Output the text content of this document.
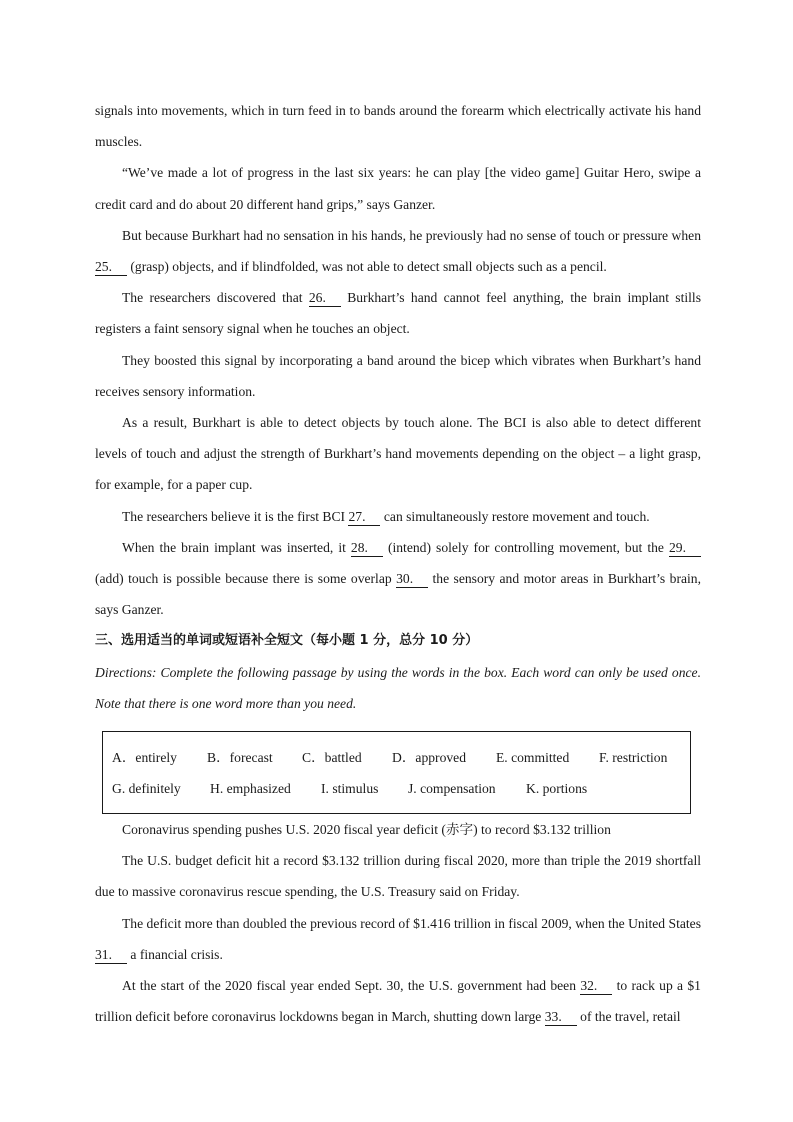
signals into movements, which in turn feed in to bands around the forearm which electrically activate his hand muscles.

“We’ve made a lot of progress in the last six years: he can play [the video game] Guitar Hero, swipe a credit card and do about 20 different hand grips,” says Ganzer.

But because Burkhart had no sensation in his hands, he previously had no sense of touch or pressure when 25. (grasp) objects, and if blindfolded, was not able to detect small objects such as a pencil.

The researchers discovered that 26. Burkhart’s hand cannot feel anything, the brain implant stills registers a faint sensory signal when he touches an object.

They boosted this signal by incorporating a band around the bicep which vibrates when Burkhart’s hand receives sensory information.

As a result, Burkhart is able to detect objects by touch alone. The BCI is also able to detect different levels of touch and adjust the strength of Burkhart’s hand movements depending on the object – a light grasp, for example, for a paper cup.

The researchers believe it is the first BCI 27. can simultaneously restore movement and touch.

When the brain implant was inserted, it 28. (intend) solely for controlling movement, but the 29. (add) touch is possible because there is some overlap 30. the sensory and motor areas in Burkhart’s brain, says Ganzer.

三、选用适当的单词或短语补全短文（每小题 1 分，总分 10 分）

Directions: Complete the following passage by using the words in the box. Each word can only be used once. Note that there is one word more than you need.

A．entirely B．forecast C．battled D．approved E. committed F. restriction
G. definitely H. emphasized I. stimulus J. compensation K. portions

Coronavirus spending pushes U.S. 2020 fiscal year deficit (赤字) to record $3.132 trillion

The U.S. budget deficit hit a record $3.132 trillion during fiscal 2020, more than triple the 2019 shortfall due to massive coronavirus rescue spending, the U.S. Treasury said on Friday.

The deficit more than doubled the previous record of $1.416 trillion in fiscal 2009, when the United States 31. a financial crisis.

At the start of the 2020 fiscal year ended Sept. 30, the U.S. government had been 32. to rack up a $1 trillion deficit before coronavirus lockdowns began in March, shutting down large 33. of the travel, retail
